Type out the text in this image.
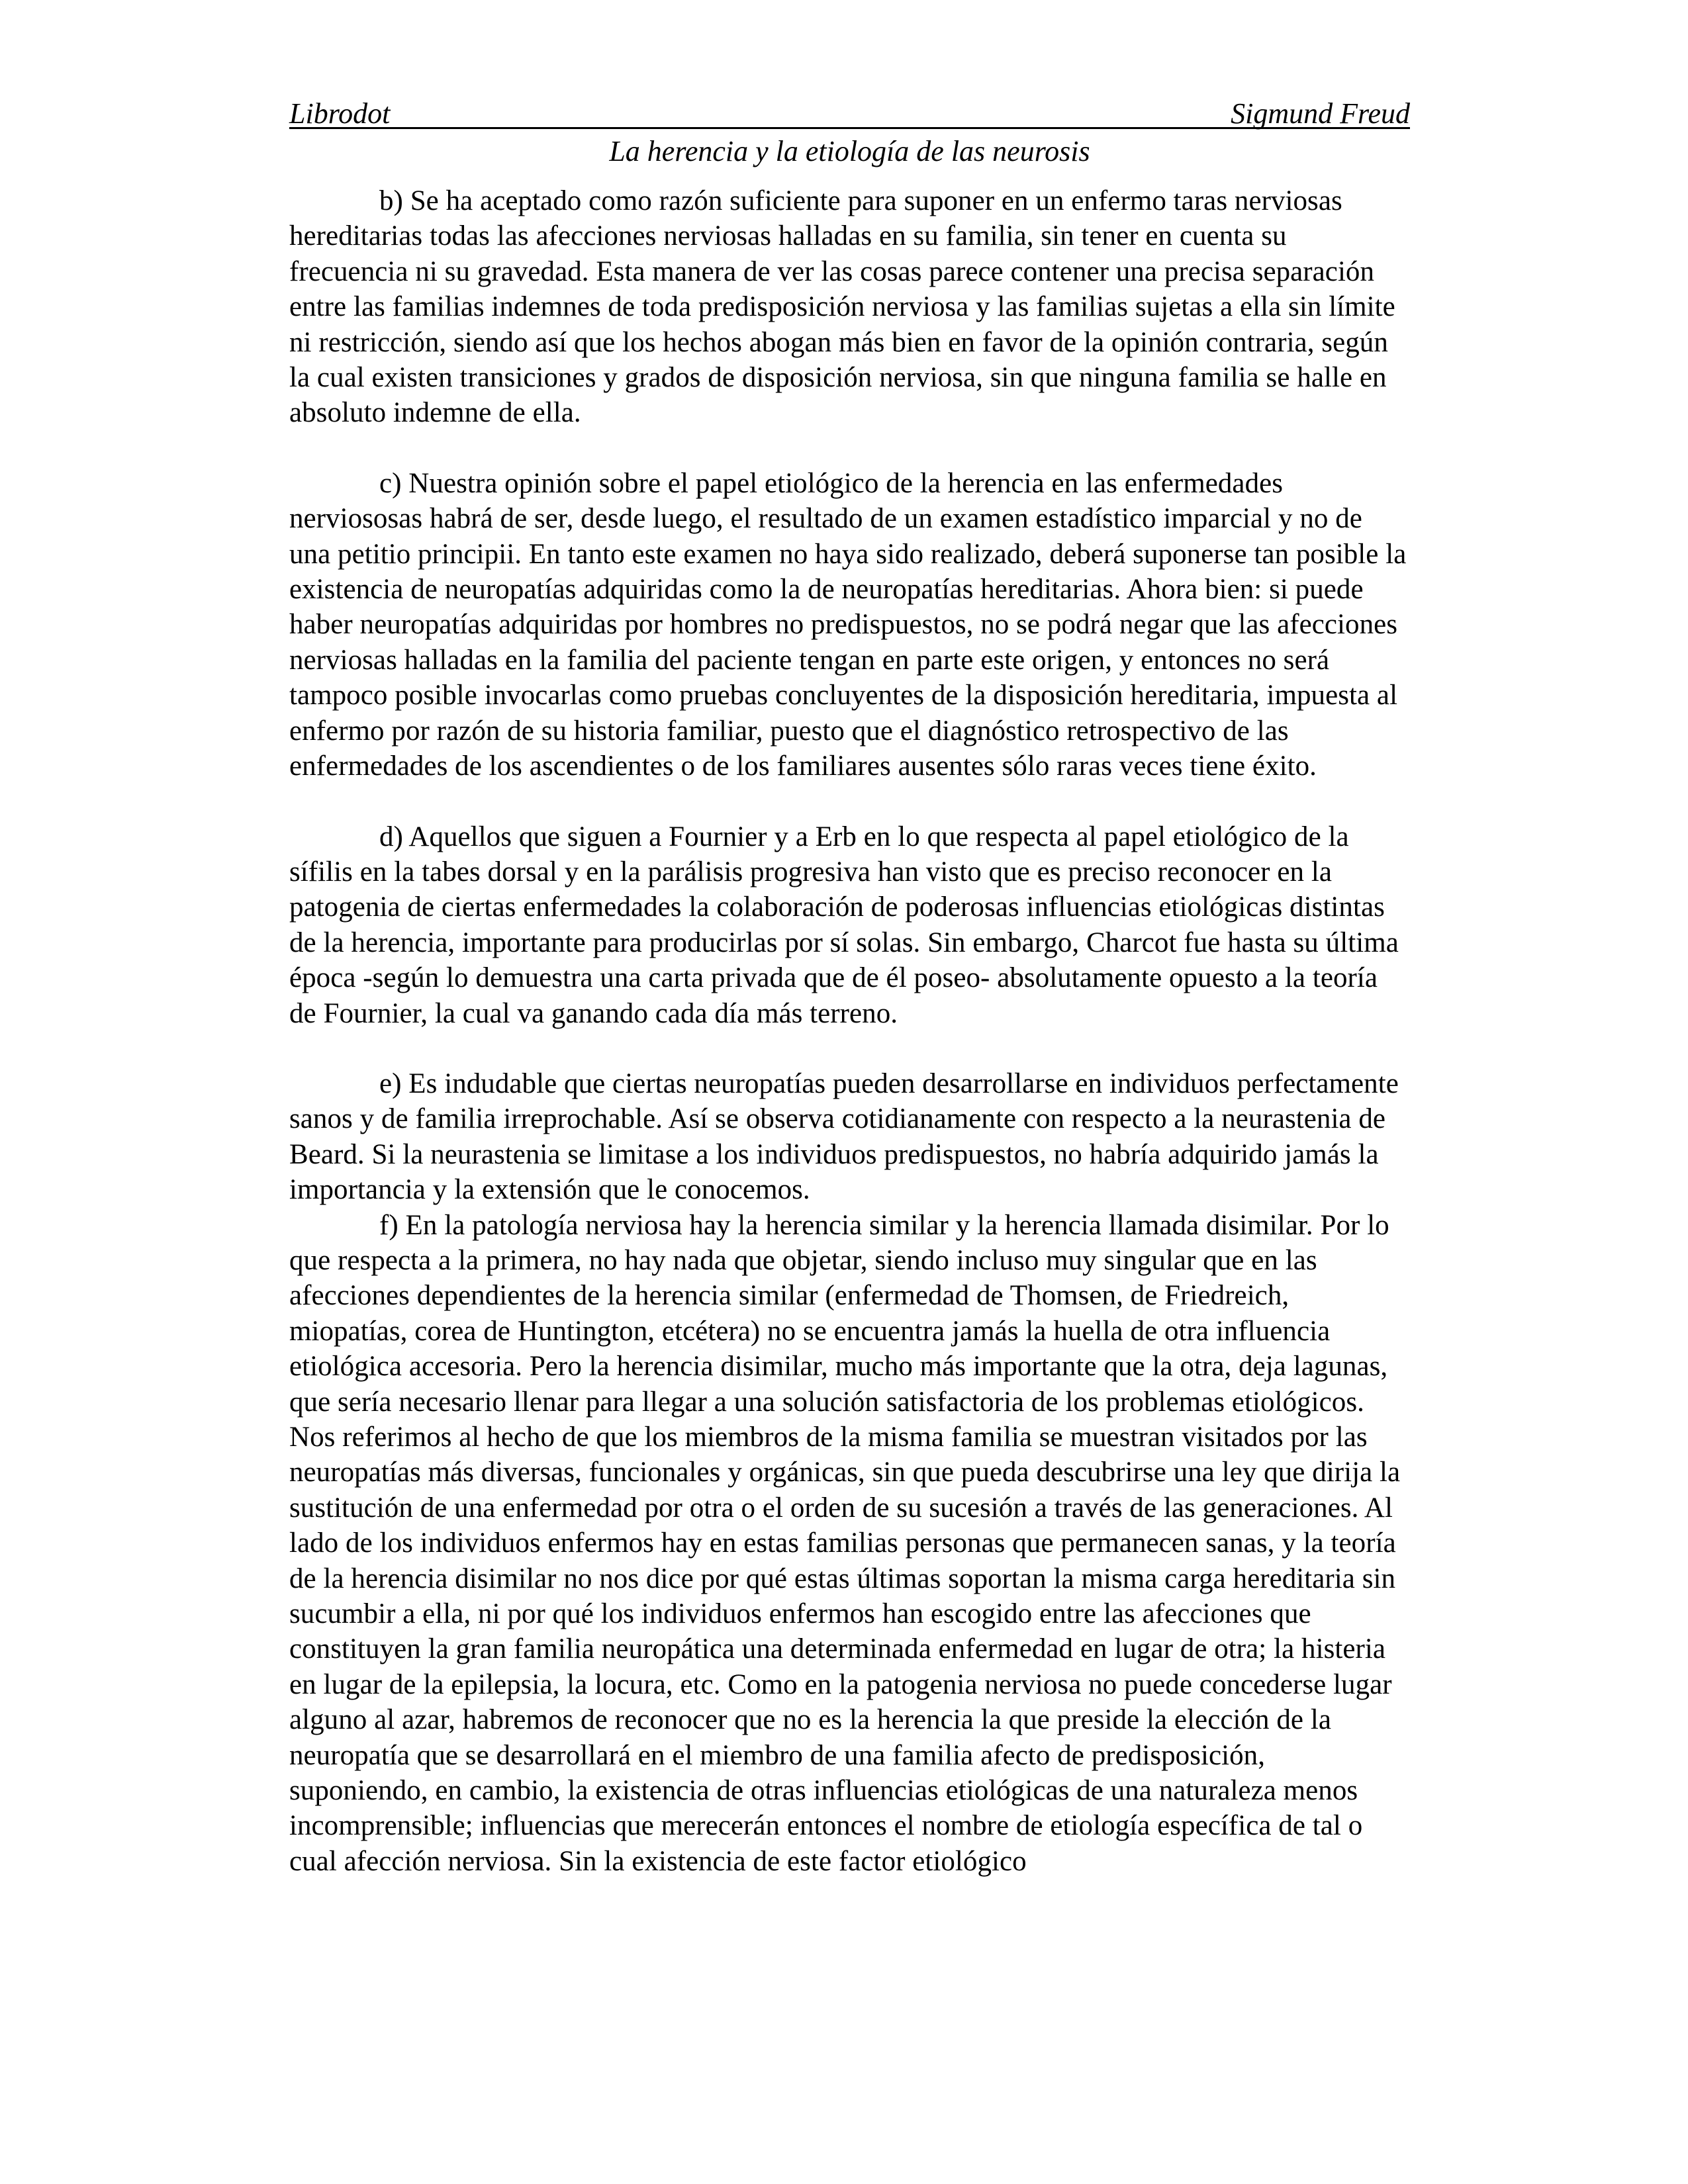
Librodot	Sigmund Freud
La herencia y la etiología de las neurosis

b) Se ha aceptado como razón suficiente para suponer en un enfermo taras nerviosas hereditarias todas las afecciones nerviosas halladas en su familia, sin tener en cuenta su frecuencia ni su gravedad. Esta manera de ver las cosas parece contener una precisa separación entre las familias indemnes de toda predisposición nerviosa y las familias sujetas a ella sin límite ni restricción, siendo así que los hechos abogan más bien en favor de la opinión contraria, según la cual existen transiciones y grados de disposición nerviosa, sin que ninguna familia se halle en absoluto indemne de ella.

c) Nuestra opinión sobre el papel etiológico de la herencia en las enfermedades nerviososas habrá de ser, desde luego, el resultado de un examen estadístico imparcial y no de una petitio principii. En tanto este examen no haya sido realizado, deberá suponerse tan posible la existencia de neuropatías adquiridas como la de neuropatías hereditarias. Ahora bien: si puede haber neuropatías adquiridas por hombres no predispuestos, no se podrá negar que las afecciones nerviosas halladas en la familia del paciente tengan en parte este origen, y entonces no será tampoco posible invocarlas como pruebas concluyentes de la disposición hereditaria, impuesta al enfermo por razón de su historia familiar, puesto que el diagnóstico retrospectivo de las enfermedades de los ascendientes o de los familiares ausentes sólo raras veces tiene éxito.

d) Aquellos que siguen a Fournier y a Erb en lo que respecta al papel etiológico de la sífilis en la tabes dorsal y en la parálisis progresiva han visto que es preciso reconocer en la patogenia de ciertas enfermedades la colaboración de poderosas influencias etiológicas distintas de la herencia, importante para producirlas por sí solas. Sin embargo, Charcot fue hasta su última época -según lo demuestra una carta privada que de él poseo- absolutamente opuesto a la teoría de Fournier, la cual va ganando cada día más terreno.

e) Es indudable que ciertas neuropatías pueden desarrollarse en individuos perfectamente sanos y de familia irreprochable. Así se observa cotidianamente con respecto a la neurastenia de Beard. Si la neurastenia se limitase a los individuos predispuestos, no habría adquirido jamás la importancia y la extensión que le conocemos.

f) En la patología nerviosa hay la herencia similar y la herencia llamada disimilar. Por lo que respecta a la primera, no hay nada que objetar, siendo incluso muy singular que en las afecciones dependientes de la herencia similar (enfermedad de Thomsen, de Friedreich, miopatías, corea de Huntington, etcétera) no se encuentra jamás la huella de otra influencia etiológica accesoria. Pero la herencia disimilar, mucho más importante que la otra, deja lagunas, que sería necesario llenar para llegar a una solución satisfactoria de los problemas etiológicos. Nos referimos al hecho de que los miembros de la misma familia se muestran visitados por las neuropatías más diversas, funcionales y orgánicas, sin que pueda descubrirse una ley que dirija la sustitución de una enfermedad por otra o el orden de su sucesión a través de las generaciones. Al lado de los individuos enfermos hay en estas familias personas que permanecen sanas, y la teoría de la herencia disimilar no nos dice por qué estas últimas soportan la misma carga hereditaria sin sucumbir a ella, ni por qué los individuos enfermos han escogido entre las afecciones que constituyen la gran familia neuropática una determinada enfermedad en lugar de otra; la histeria en lugar de la epilepsia, la locura, etc. Como en la patogenia nerviosa no puede concederse lugar alguno al azar, habremos de reconocer que no es la herencia la que preside la elección de la neuropatía que se desarrollará en el miembro de una familia afecto de predisposición, suponiendo, en cambio, la existencia de otras influencias etiológicas de una naturaleza menos incomprensible; influencias que merecerán entonces el nombre de etiología específica de tal o cual afección nerviosa. Sin la existencia de este factor etiológico
